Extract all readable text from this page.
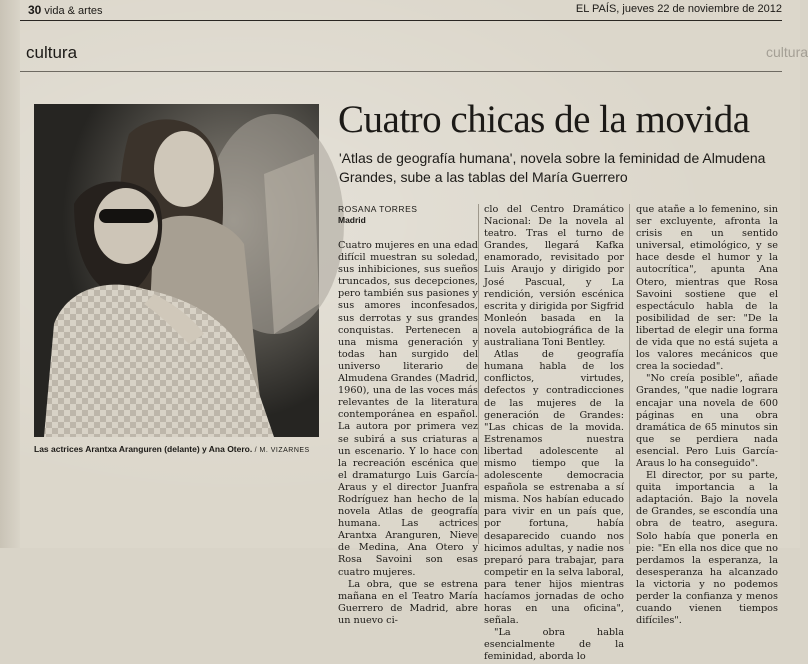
cultura
30 vida & artes	EL PAÍS, jueves 22 de noviembre de 2012
cultura
Las actrices Arantxa Aranguren (delante) y Ana Otero. / M. VIZARNES
Cuatro chicas de la movida
'Atlas de geografía humana', novela sobre la feminidad de Almudena Grandes, sube a las tablas del María Guerrero
ROSANA TORRES
Madrid

Cuatro mujeres en una edad difícil muestran su soledad, sus inhibiciones, sus sueños truncados, sus decepciones, pero también sus pasiones y sus amores inconfesados, sus derrotas y sus grandes conquistas. Pertenecen a una misma generación y todas han surgido del universo literario de Almudena Grandes (Madrid, 1960), una de las voces más relevantes de la literatura contemporánea en español. La autora por primera vez se subirá a sus criaturas a un escenario. Y lo hace con la recreación escénica que el dramaturgo Luis García-Araus y el director Juanfra Rodríguez han hecho de la novela Atlas de geografía humana. Las actrices Arantxa Aranguren, Nieve de Medina, Ana Otero y Rosa Savoini son esas cuatro mujeres.

La obra, que se estrena mañana en el Teatro María Guerrero de Madrid, abre un nuevo ci-

clo del Centro Dramático Nacional: De la novela al teatro. Tras el turno de Grandes, llegará Kafka enamorado, revisitado por Luis Araujo y dirigido por José Pascual, y La rendición, versión escénica escrita y dirigida por Sigfrid Monleón basada en la novela autobiográfica de la australiana Toni Bentley.

Atlas de geografía humana habla de los conflictos, virtudes, defectos y contradicciones de las mujeres de la generación de Grandes: "Las chicas de la movida. Estrenamos nuestra libertad adolescente al mismo tiempo que la adolescente democracia española se estrenaba a sí misma. Nos habían educado para vivir en un país que, por fortuna, había desaparecido cuando nos hicimos adultas, y nadie nos preparó para trabajar, para competir en la selva laboral, para tener hijos mientras hacíamos jornadas de ocho horas en una oficina", señala.

"La obra habla esencialmente de la feminidad, aborda lo

que atañe a lo femenino, sin ser excluyente, afronta la crisis en un sentido universal, etimológico, y se hace desde el humor y la autocrítica", apunta Ana Otero, mientras que Rosa Savoini sostiene que el espectáculo habla de la posibilidad de ser: "De la libertad de elegir una forma de vida que no está sujeta a los valores mecánicos que crea la sociedad".

"No creía posible", añade Grandes, "que nadie lograra encajar una novela de 600 páginas en una obra dramática de 65 minutos sin que se perdiera nada esencial. Pero Luis García-Araus lo ha conseguido".

El director, por su parte, quita importancia a la adaptación. Bajo la novela de Grandes, se escondía una obra de teatro, asegura. Solo había que ponerla en pie: "En ella nos dice que no perdamos la esperanza, la desesperanza ha alcanzado la victoria y no podemos perder la confianza y menos cuando vienen tiempos difíciles".
